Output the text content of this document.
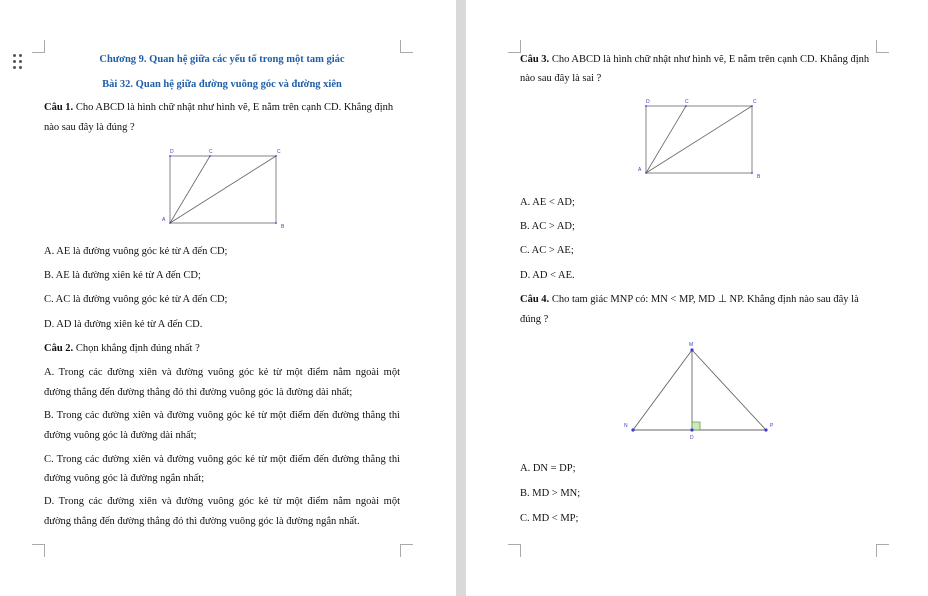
Chương 9. Quan hệ giữa các yếu tố trong một tam giác
Bài 32. Quan hệ giữa đường vuông góc và đường xiên
Câu 1. Cho ABCD là hình chữ nhật như hình vẽ, E nằm trên cạnh CD. Khẳng định
nào sau đây là đúng ?
D	C	C
A
B
A. AE là đường vuông góc kẻ từ A đến CD;
B. AE là đường xiên kẻ từ A đến CD;
C. AC là đường vuông góc kẻ từ A đến CD;
D. AD là đường xiên kẻ từ A đến CD.
Câu 2. Chọn khẳng định đúng nhất ?
A. Trong các đường xiên và đường vuông góc kẻ từ một điểm nằm ngoài một
đường thẳng đến đường thẳng đó thì đường vuông góc là đường dài nhất;
B. Trong các đường xiên và đường vuông góc kẻ từ một điểm đến đường thẳng thì
đường vuông góc là đường dài nhất;
C. Trong các đường xiên và đường vuông góc kẻ từ một điểm đến đường thẳng thì
đường vuông góc là đường ngắn nhất;
D. Trong các đường xiên và đường vuông góc kẻ từ một điểm nằm ngoài một
đường thẳng đến đường thẳng đó thì đường vuông góc là đường ngắn nhất.
Câu 3. Cho ABCD là hình chữ nhật như hình vẽ, E nằm trên cạnh CD. Khẳng định
nào sau đây là sai ?
D	C	C
A
B
A. AE < AD;
B. AC > AD;
C. AC > AE;
D. AD < AE.
Câu 4. Cho tam giác MNP có: MN < MP, MD ⊥ NP. Khẳng định nào sau đây là
đúng ?
M
N
D
P
A. DN = DP;
B. MD > MN;
C. MD < MP;
